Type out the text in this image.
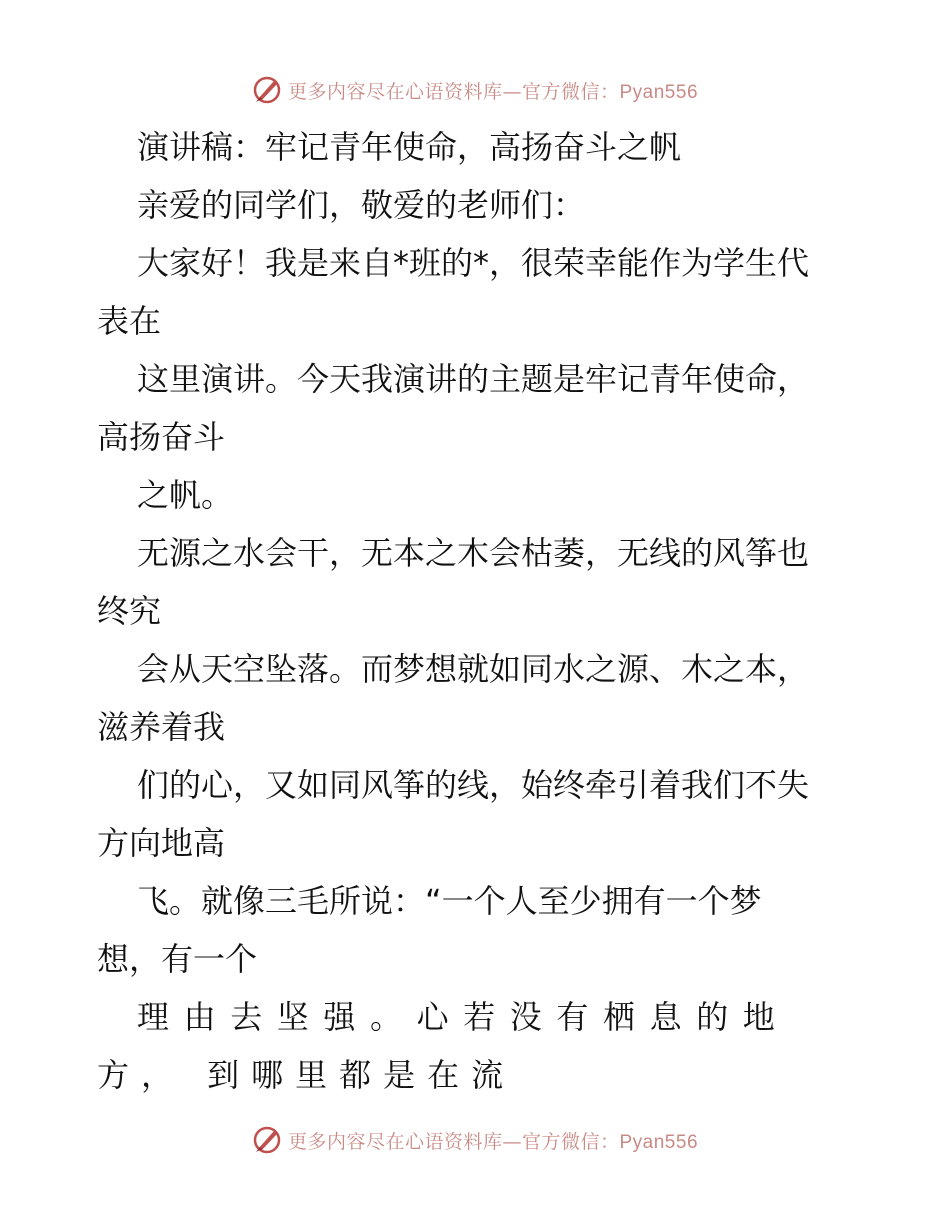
更多内容尽在心语资料库—官方微信：Pyan556
演讲稿：牢记青年使命，高扬奋斗之帆
亲爱的同学们，敬爱的老师们：
大家好！我是来自*班的*，很荣幸能作为学生代
表在
这里演讲。今天我演讲的主题是牢记青年使命，
高扬奋斗
之帆。
无源之水会干，无本之木会枯萎，无线的风筝也
终究
会从天空坠落。而梦想就如同水之源、木之本，
滋养着我
们的心，又如同风筝的线，始终牵引着我们不失
方向地高
飞。就像三毛所说：“一个人至少拥有一个梦
想，有一个
理由去坚强。心若没有栖息的地
方， 到哪里都是在流
更多内容尽在心语资料库—官方微信：Pyan556
